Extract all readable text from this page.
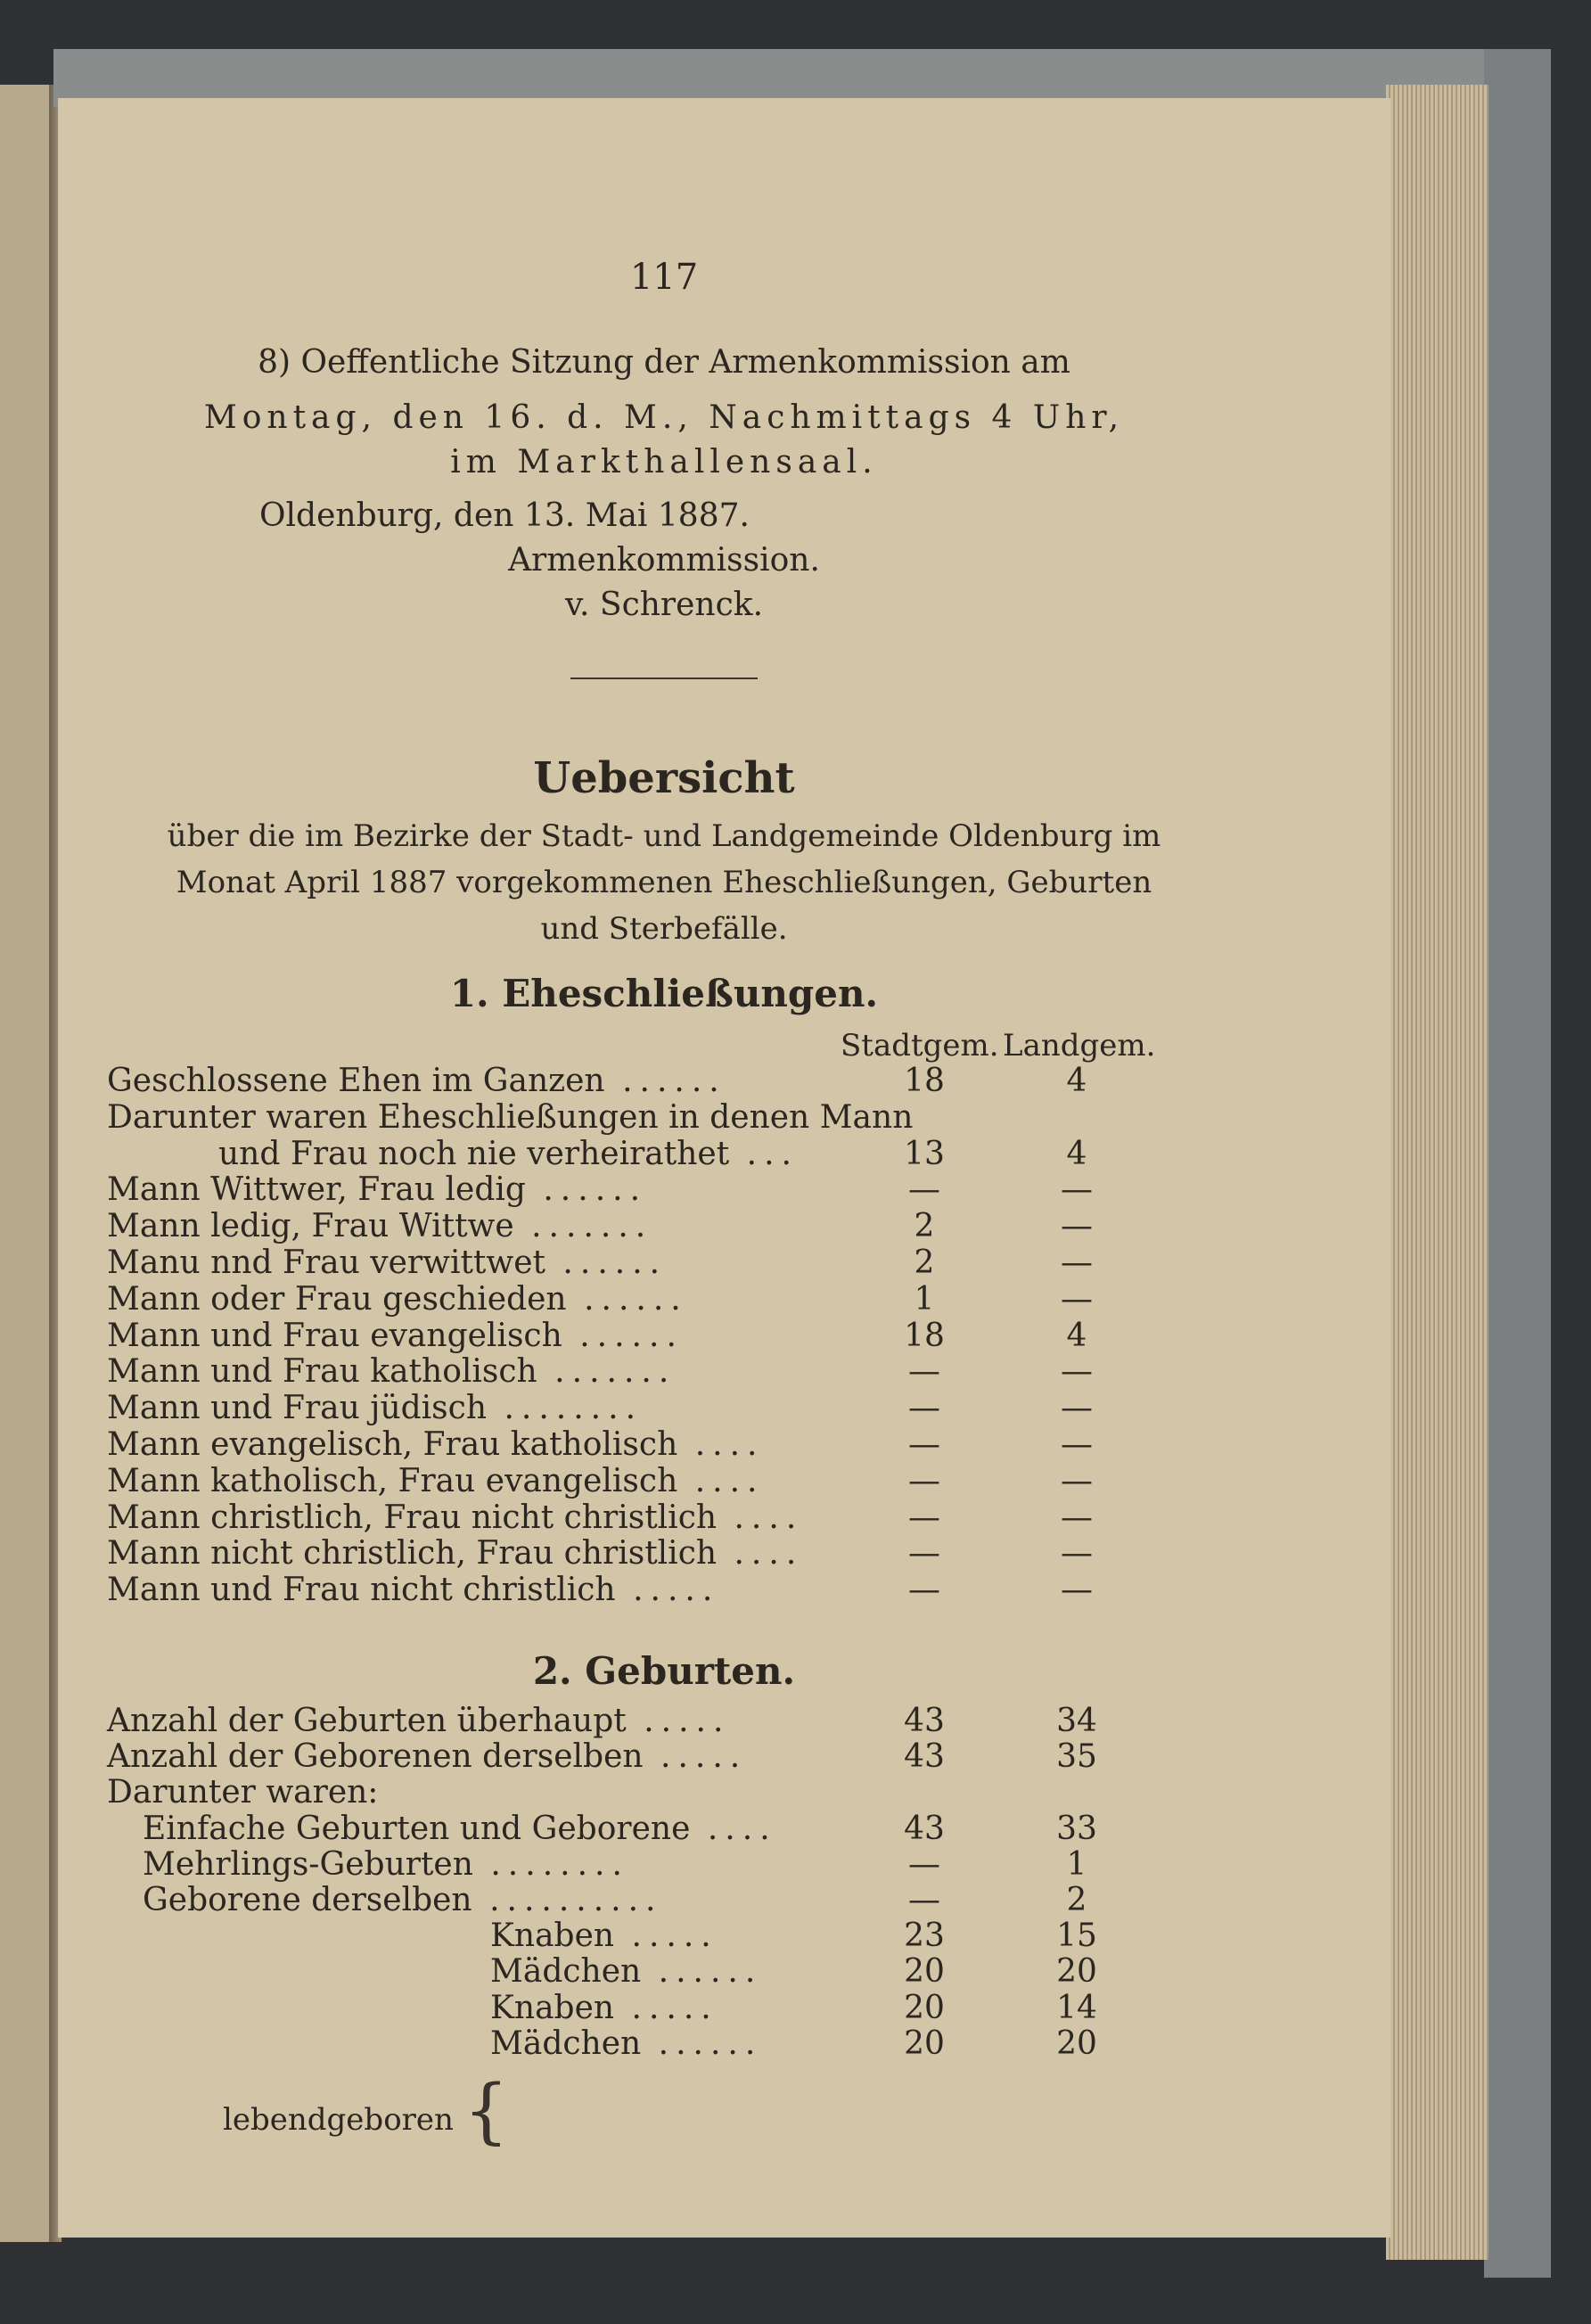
117
8) Oeffentliche Sitzung der Armenkommission am
Montag, den 16. d. M., Nachmittags 4 Uhr,
im Markthallensaal.
Oldenburg, den 13. Mai 1887.
Armenkommission.
v. Schrenck.
Uebersicht
über die im Bezirke der Stadt- und Landgemeinde Oldenburg im
Monat April 1887 vorgekommenen Eheschließungen, Geburten
und Sterbefälle.
1. Eheschließungen.
Stadtgem. Landgem.
Geschlossene Ehen im Ganzen ......	18	4
Darunter waren Eheschließungen in denen Mann
und Frau noch nie verheirathet ...	13	4
Mann Wittwer, Frau ledig ......	—	—
Mann ledig, Frau Wittwe .......	2	—
Manu nnd Frau verwittwet ......	2	—
Mann oder Frau geschieden ......	1	—
Mann und Frau evangelisch ......	18	4
Mann und Frau katholisch .......	—	—
Mann und Frau jüdisch ........	—	—
Mann evangelisch, Frau katholisch ....	—	—
Mann katholisch, Frau evangelisch ....	—	—
Mann christlich, Frau nicht christlich ....	—	—
Mann nicht christlich, Frau christlich ....	—	—
Mann und Frau nicht christlich .....	—	—
2. Geburten.
Anzahl der Geburten überhaupt .....	43	34
Anzahl der Geborenen derselben .....	43	35
Darunter waren:
Einfache Geburten und Geborene ....	43	33
Mehrlings-Geburten ........	—	1
Geborene derselben ..........	—	2
Knaben .....	23	15
Mädchen ......	20	20
Knaben .....	20	14
Mädchen ......	20	20
lebendgeboren {
